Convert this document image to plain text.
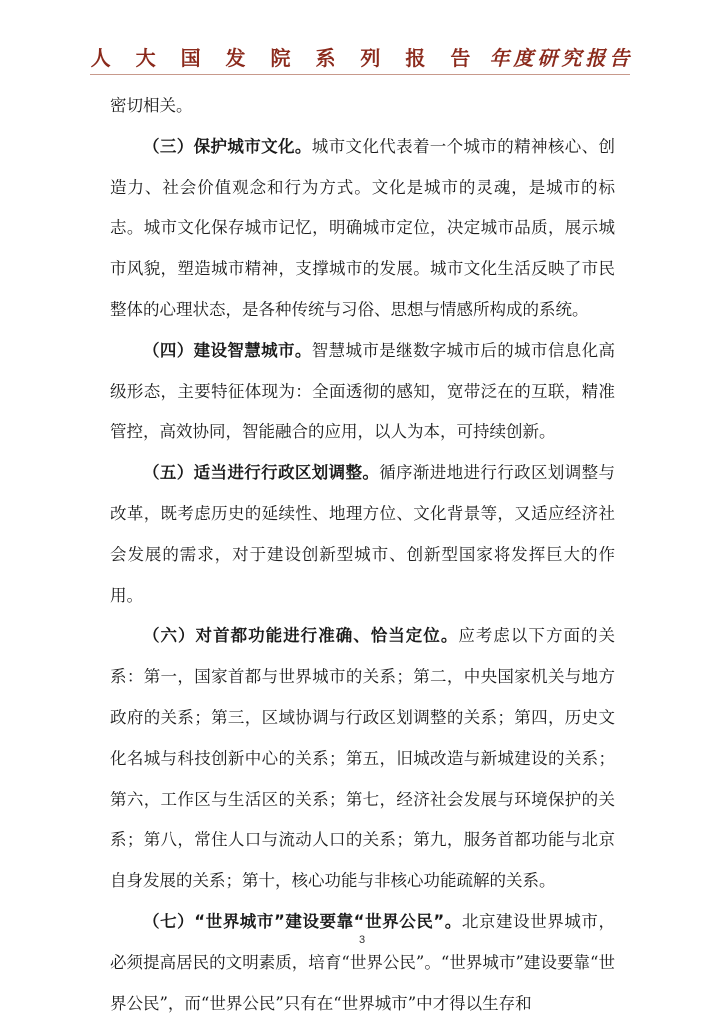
人 大 国 发 院 系 列 报 告 年度研究报告

密切相关。

（三）保护城市文化。城市文化代表着一个城市的精神核心、创造力、社会价值观念和行为方式。文化是城市的灵魂，是城市的标志。城市文化保存城市记忆，明确城市定位，决定城市品质，展示城市风貌，塑造城市精神，支撑城市的发展。城市文化生活反映了市民整体的心理状态，是各种传统与习俗、思想与情感所构成的系统。

（四）建设智慧城市。智慧城市是继数字城市后的城市信息化高级形态，主要特征体现为：全面透彻的感知，宽带泛在的互联，精准管控，高效协同，智能融合的应用，以人为本，可持续创新。

（五）适当进行行政区划调整。循序渐进地进行行政区划调整与改革，既考虑历史的延续性、地理方位、文化背景等，又适应经济社会发展的需求，对于建设创新型城市、创新型国家将发挥巨大的作用。

（六）对首都功能进行准确、恰当定位。应考虑以下方面的关系：第一，国家首都与世界城市的关系；第二，中央国家机关与地方政府的关系；第三，区域协调与行政区划调整的关系；第四，历史文化名城与科技创新中心的关系；第五，旧城改造与新城建设的关系；第六，工作区与生活区的关系；第七，经济社会发展与环境保护的关系；第八，常住人口与流动人口的关系；第九，服务首都功能与北京自身发展的关系；第十，核心功能与非核心功能疏解的关系。

（七）“世界城市”建设要靠“世界公民”。北京建设世界城市，必须提高居民的文明素质，培育“世界公民”。“世界城市”建设要靠“世界公民”，而“世界公民”只有在“世界城市”中才得以生存和

3
